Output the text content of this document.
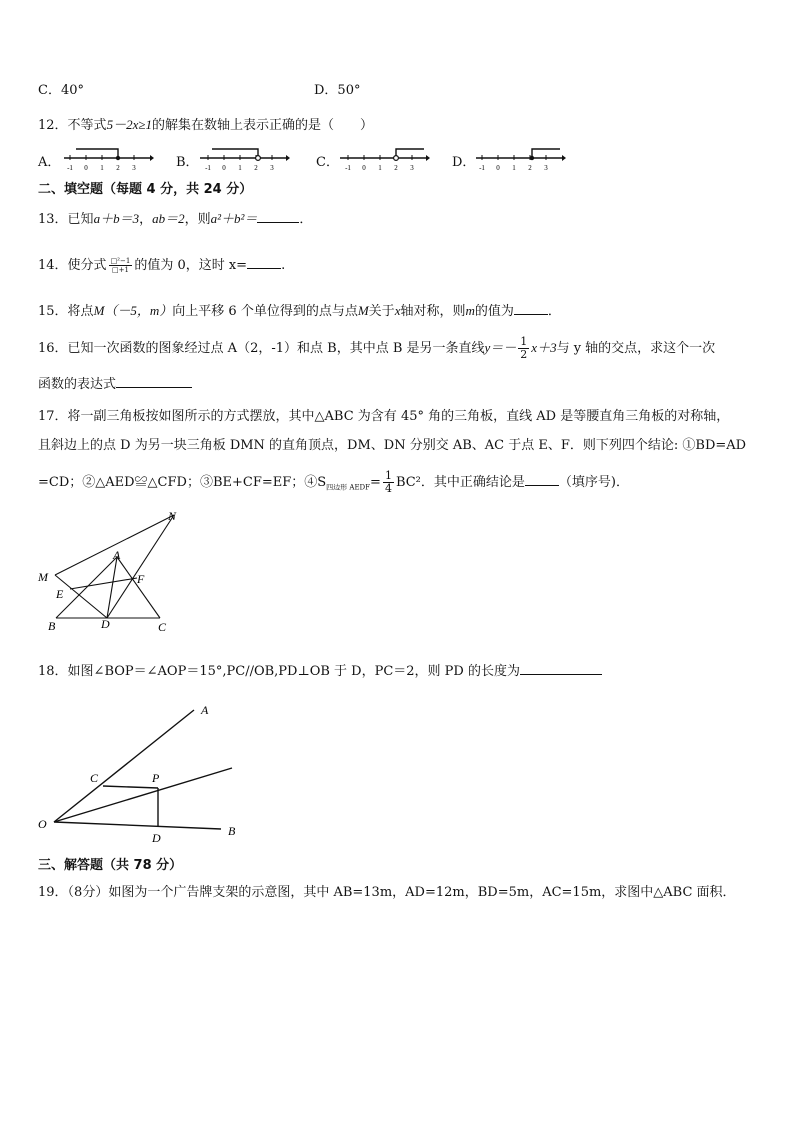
C．40°	D．50°
12．不等式5－2x≥1的解集在数轴上表示正确的是（　　）
A． -1 0 1 2 3	B． -1 0 1 2 3	C． -1 0 1 2 3	D． -1 0 1 2 3
二、填空题（每题 4 分，共 24 分）
13．已知a＋b＝3，ab＝2，则a²＋b²＝	．
14．使分式 $\frac{\text{□²−1}}{□+1}$ 的值为 0，这时 x=	.
15．将点M（－5，m）向上平移 6 个单位得到的点与点M关于x轴对称，则m的值为	．
16．已知一次函数的图象经过点 A（2，-1）和点 B，其中点 B 是另一条直线$y=- \frac{1}{2} x+3$与 y 轴的交点，求这个一次
函数的表达式
17．将一副三角板按如图所示的方式摆放，其中△ABC 为含有 45° 角的三角板，直线 AD 是等腰直角三角板的对称轴，
且斜边上的点 D 为另一块三角板 DMN 的直角顶点，DM、DN 分别交 AB、AC 于点 E、F．则下列四个结论: ①BD=AD
=CD；②△AED≌△CFD；③BE+CF=EF；$④S_{四边形 AEDF}= \frac{1}{4} BC^2$．其中正确结论是	（填序号)．
N
A
M	F
E
B	D	C
18．如图∠BOP＝∠AOP＝15°,PC//OB,PD⊥OB 于 D，PC＝2，则 PD 的长度为
A
C	P
O
D	B
三、解答题（共 78 分）
19．（8分）如图为一个广告牌支架的示意图，其中 AB=13m，AD=12m，BD=5m，AC=15m，求图中△ABC 面积．
